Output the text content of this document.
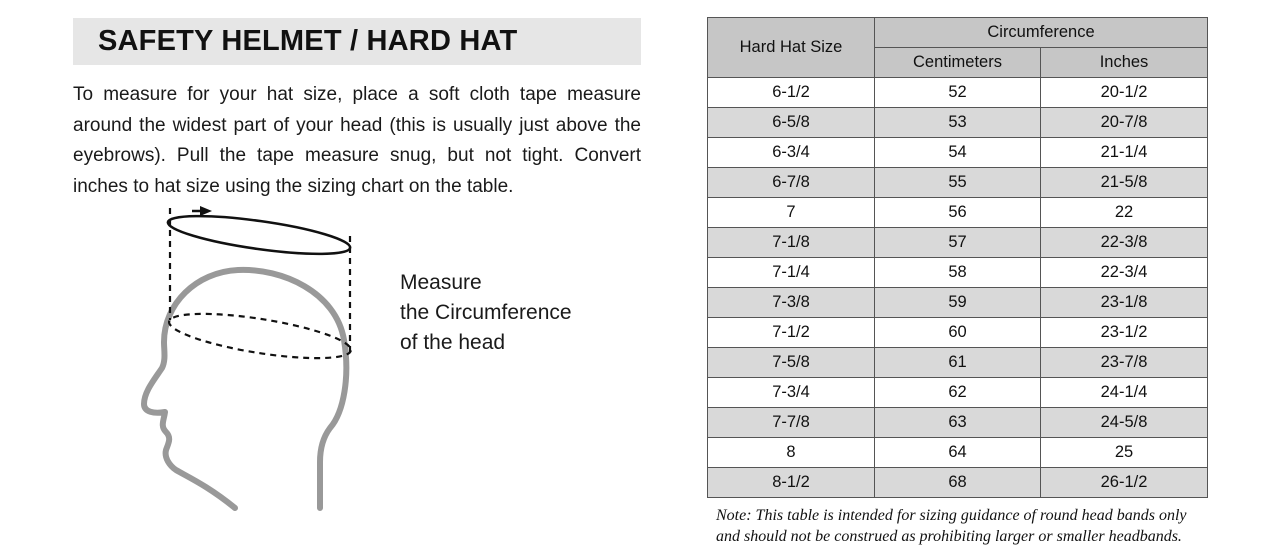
SAFETY HELMET / HARD HAT
To measure for your hat size, place a soft cloth tape measure around the widest part of your head (this is usually just above the eyebrows). Pull the tape measure snug, but not tight. Convert inches to hat size using the sizing chart on the table.
Measure
the Circumference
of the head
Hard Hat Size	Circumference	
	Centimeters	Inches
6-1/2	52	20-1/2
6-5/8	53	20-7/8
6-3/4	54	21-1/4
6-7/8	55	21-5/8
7	56	22
7-1/8	57	22-3/8
7-1/4	58	22-3/4
7-3/8	59	23-1/8
7-1/2	60	23-1/2
7-5/8	61	23-7/8
7-3/4	62	24-1/4
7-7/8	63	24-5/8
8	64	25
8-1/2	68	26-1/2
Note: This table is intended for sizing guidance of round head bands only
and should not be construed as prohibiting larger or smaller headbands.
